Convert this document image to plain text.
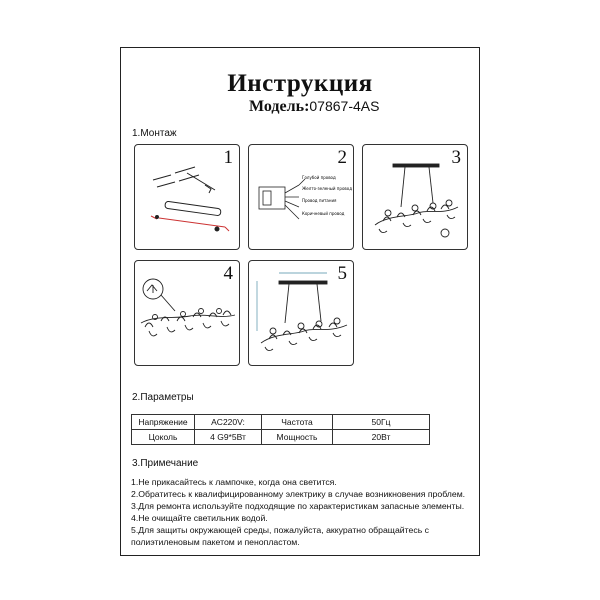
Инструкция
Модель:07867-4AS
1.Монтаж
1	2
Голубой провод
Желто-зеленый провод
Провод питания
Коричневый провод
3
4	5
2.Параметры
Напряжение	AC220V:	Частота	50Гц
Цоколь	4 G9*5Вт	Мощность	20Вт
3.Примечание
1.Не прикасайтесь к лампочке, когда она светится.
2.Обратитесь к квалифицированному электрику в случае возникновения проблем.
3.Для ремонта используйте подходящие по характеристикам запасные элементы.
4.Не очищайте светильник водой.
5.Для защиты окружающей среды, пожалуйста, аккуратно обращайтесь с
полиэтиленовым пакетом и пенопластом.
